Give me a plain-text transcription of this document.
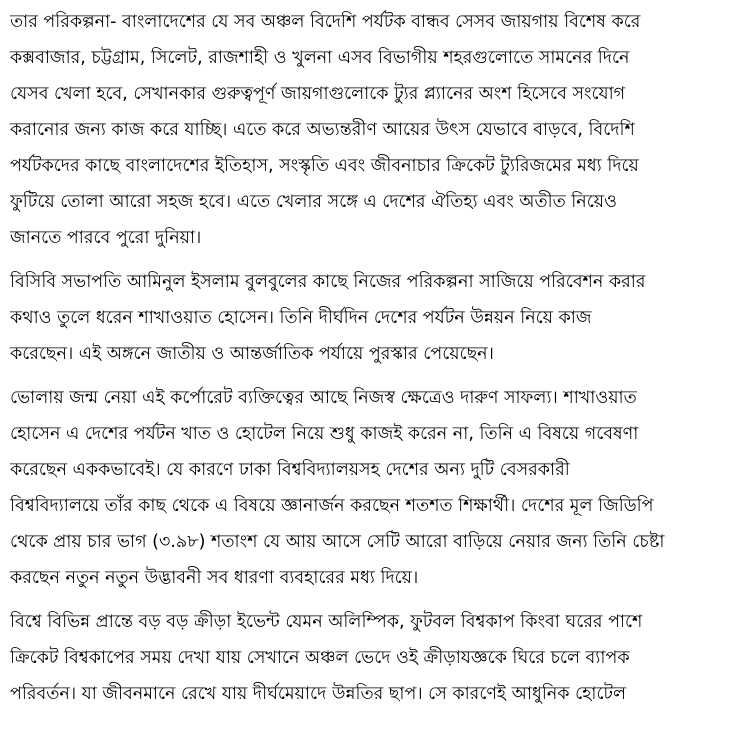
তার পরিকল্পনা- বাংলাদেশের যে সব অঞ্চল বিদেশি পর্যটক বান্ধব সেসব জায়গায় বিশেষ করে
কক্সবাজার, চট্টগ্রাম, সিলেট, রাজশাহী ও খুলনা এসব বিভাগীয় শহরগুলোতে সামনের দিনে
যেসব খেলা হবে, সেখানকার গুরুত্বপূর্ণ জায়গাগুলোকে ট্যুর প্ল্যানের অংশ হিসেবে সংযোগ
করানোর জন্য কাজ করে যাচ্ছি। এতে করে অভ্যন্তরীণ আয়ের উৎস যেভাবে বাড়বে, বিদেশি
পর্যটকদের কাছে বাংলাদেশের ইতিহাস, সংস্কৃতি এবং জীবনাচার ক্রিকেট ট্যুরিজমের মধ্য দিয়ে
ফুটিয়ে তোলা আরো সহজ হবে। এতে খেলার সঙ্গে এ দেশের ঐতিহ্য এবং অতীত নিয়েও
জানতে পারবে পুরো দুনিয়া।
বিসিবি সভাপতি আমিনুল ইসলাম বুলবুলের কাছে নিজের পরিকল্পনা সাজিয়ে পরিবেশন করার
কথাও তুলে ধরেন শাখাওয়াত হোসেন। তিনি দীর্ঘদিন দেশের পর্যটন উন্নয়ন নিয়ে কাজ
করেছেন। এই অঙ্গনে জাতীয় ও আন্তর্জাতিক পর্যায়ে পুরস্কার পেয়েছেন।
ভোলায় জন্ম নেয়া এই কর্পোরেট ব্যক্তিত্বের আছে নিজস্ব ক্ষেত্রেও দারুণ সাফল্য। শাখাওয়াত
হোসেন এ দেশের পর্যটন খাত ও হোটেল নিয়ে শুধু কাজই করেন না, তিনি এ বিষয়ে গবেষণা
করেছেন এককভাবেই। যে কারণে ঢাকা বিশ্ববিদ্যালয়সহ দেশের অন্য দুটি বেসরকারী
বিশ্ববিদ্যালয়ে তাঁর কাছ থেকে এ বিষয়ে জ্ঞানার্জন করছেন শতশত শিক্ষার্থী। দেশের মূল জিডিপি
থেকে প্রায় চার ভাগ (৩.৯৮) শতাংশ যে আয় আসে সেটি আরো বাড়িয়ে নেয়ার জন্য তিনি চেষ্টা
করছেন নতুন নতুন উদ্ভাবনী সব ধারণা ব্যবহারের মধ্য দিয়ে।
বিশ্বে বিভিন্ন প্রান্তে বড় বড় ক্রীড়া ইভেন্ট যেমন অলিম্পিক, ফুটবল বিশ্বকাপ কিংবা ঘরের পাশে
ক্রিকেট বিশ্বকাপের সময় দেখা যায় সেখানে অঞ্চল ভেদে ওই ক্রীড়াযজ্ঞকে ঘিরে চলে ব্যাপক
পরিবর্তন। যা জীবনমানে রেখে যায় দীর্ঘমেয়াদে উন্নতির ছাপ। সে কারণেই আধুনিক হোটেল
